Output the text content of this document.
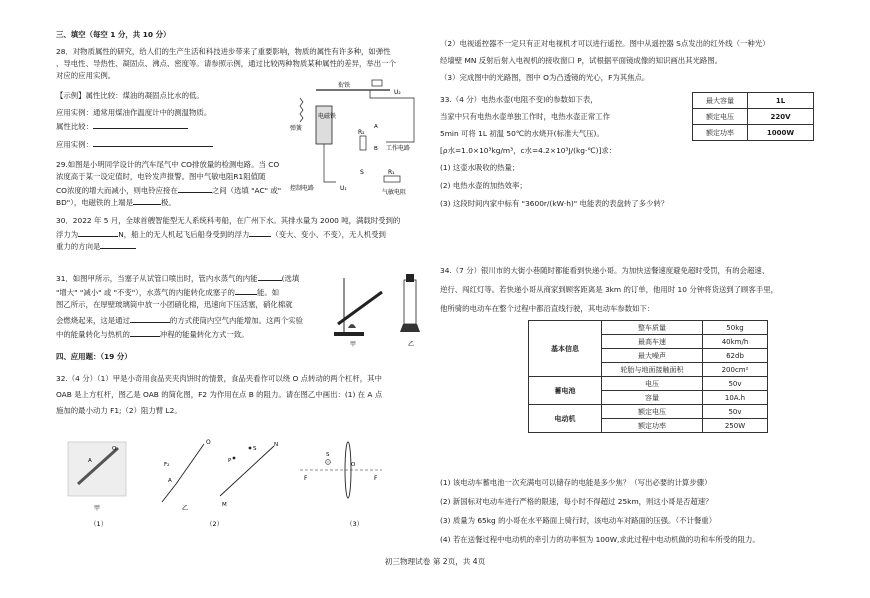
三、填空（每空 1 分，共 10 分）
28．对物质属性的研究，给人们的生产生活和科技进步带来了重要影响，物质的属性有许多种，如弹性
、导电性、导热性、凝固点、沸点、密度等。请参照示例，通过比较两种物质某种属性的差异，举出一个
对应的应用实例。
【示例】属性比较：煤油的凝固点比水的低。
应用实例：通常用煤油作温度计中的测温物质。
属性比较：
应用实例：
29.如图是小明同学设计的汽车尾气中 CO排放量的检测电路。当 CO
浓度高于某一设定值时，电铃发声报警。图中气敏电阻R1阻值随
CO浓度的增大而减小，则电铃应接在	之间（选填 "AC" 或"
BD"），电磁铁的上端是	极。
30．2022 年 5 月，全球首艘智能型无人系统科考船，在广州下水。其排水量为 2000 吨，满载时受到的
浮力为	N，船上的无人机起飞后船身受到的浮力	（变大、变小、不变），无人机受到
重力的方向是
31．如图甲所示，当塞子从试管口喷出时，管内水蒸气的内能	(选填
"增大" "减小" 或 "不变"），水蒸气的内能转化成塞子的	能。如
图乙所示，在厚壁玻璃筒中放一小团硝化棉，迅速向下压活塞，硝化棉就
会燃烧起来，这是通过	的方式使筒内空气内能增加。这两个实验
中的能量转化与热机的	冲程的能量转化方式一致。
四、应用题：（19 分）
32.（4 分）（1）甲是小奇用食品夹夹肉饼时的情景，食品夹看作可以绕 O 点转动的两个杠杆，其中
OAB 是上方杠杆，图乙是 OAB 的简化图，F2 为作用在点 B 的阻力。请在图乙中画出：(1) 在 A 点
施加的最小动力 F1;（2）阻力臂 L2。
电磁铁
衔铁
弹簧
U₂
R₂
A
B 工作电路
S	R₁
控制电路	U₁
气敏电阻
甲	乙
A
O
甲
O
F₂
A
乙	M
N
P
S
F	F
S
O
（1）	（2）	（3）
（2）电视遥控器不一定只有正对电视机才可以进行遥控。图中从遥控器 S点发出的红外线（一种光）
经墙壁 MN 反射后射入电视机的接收窗口 P，试根据平面镜成像的知识画出其光路图。
（3）完成图中的光路图，图中 O为凸透镜的光心，F为其焦点。
33.（4 分）电热水壶(电阻不变)的参数如下表，
当家中只有电热水壶单独工作时，电热水壶正常工作
5min 可将 1L 初温 50℃的水烧开(标准大气压)。
[ρ水=1.0×10³kg/m³，c水=4.2×10³J/(kg·℃)]求：
(1) 这壶水吸收的热量；
(2) 电热水壶的加热效率；
(3) 这段时间内家中标有 "3600r/(kW·h)" 电能表的表盘转了多少转？
最大容量	1L
额定电压	220V
额定功率	1000W
34.（7 分）银川市的大街小巷随时都能看到快递小哥。为加快送餐速度避免超时受罚，有的会超速、
逆行、闯红灯等。若快递小哥从商家到顾客距离是 3km 的订单，他用时 10 分钟将货送到了顾客手里，
他所骑的电动车在整个过程中都沿直线行驶，其电动车参数如下：
基本信息	整车质量	50kg
	最高车速	40km/h
	最大噪声	62db
	轮胎与地面接触面积	200cm²
蓄电池	电压	50v
	容量	10A.h
电动机	额定电压	50v
	额定功率	250W
(1) 该电动车蓄电池一次充满电可以储存的电能是多少焦？（写出必要的计算步骤）
(2) 新国标对电动车进行严格的限速，每小时不得超过 25km，则这小哥是否超速？
(3) 质量为 65kg 的小哥在水平路面上骑行时，该电动车对路面的压强。（不计餐重）
(4) 若在送餐过程中电动机的牵引力的功率恒为 100W,求此过程中电动机做的功和车所受的阻力。
初三物理试卷 第 2页，共 4页
